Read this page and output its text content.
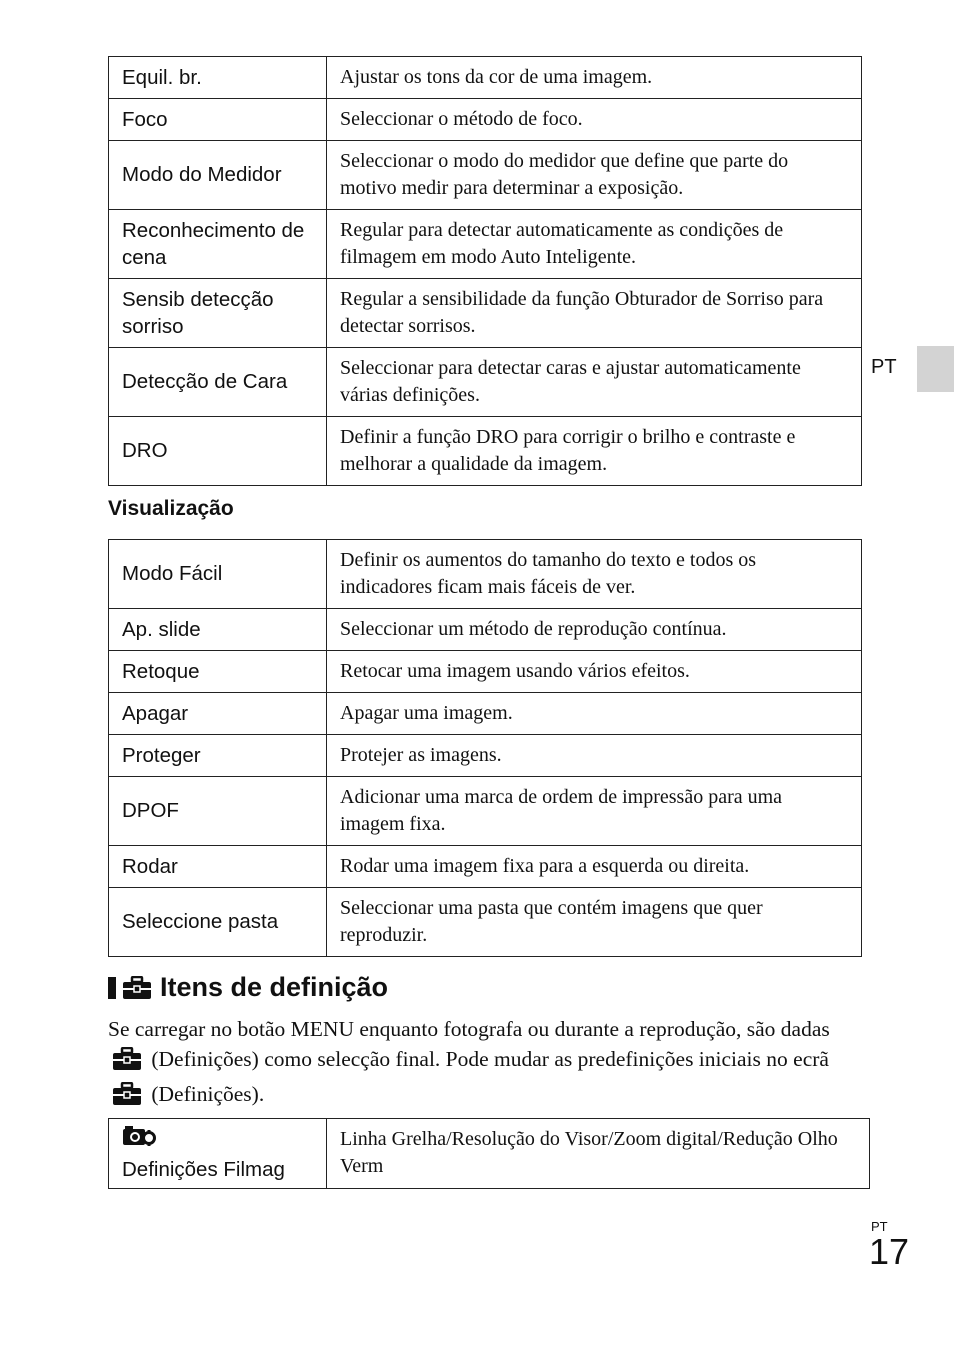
Equil. br.	Ajustar os tons da cor de uma imagem.
Foco	Seleccionar o método de foco.
Modo do Medidor	Seleccionar o modo do medidor que define que parte do motivo medir para determinar a exposição.
Reconhecimento de cena	Regular para detectar automaticamente as condições de filmagem em modo Auto Inteligente.
Sensib detecção sorriso	Regular a sensibilidade da função Obturador de Sorriso para detectar sorrisos.
Detecção de Cara	Seleccionar para detectar caras e ajustar automaticamente várias definições.
DRO	Definir a função DRO para corrigir o brilho e contraste e melhorar a qualidade da imagem.
PT
Visualização
Modo Fácil	Definir os aumentos do tamanho do texto e todos os indicadores ficam mais fáceis de ver.
Ap. slide	Seleccionar um método de reprodução contínua.
Retoque	Retocar uma imagem usando vários efeitos.
Apagar	Apagar uma imagem.
Proteger	Protejer as imagens.
DPOF	Adicionar uma marca de ordem de impressão para uma imagem fixa.
Rodar	Rodar uma imagem fixa para a esquerda ou direita.
Seleccione pasta	Seleccionar uma pasta que contém imagens que quer reproduzir.
Itens de definição

Se carregar no botão MENU enquanto fotografa ou durante a reprodução, são dadas  (Definições) como selecção final. Pode mudar as predefinições iniciais no ecrã  (Definições).

Definições Filmag	Linha Grelha/Resolução do Visor/Zoom digital/Redução Olho Verm
PT
17
